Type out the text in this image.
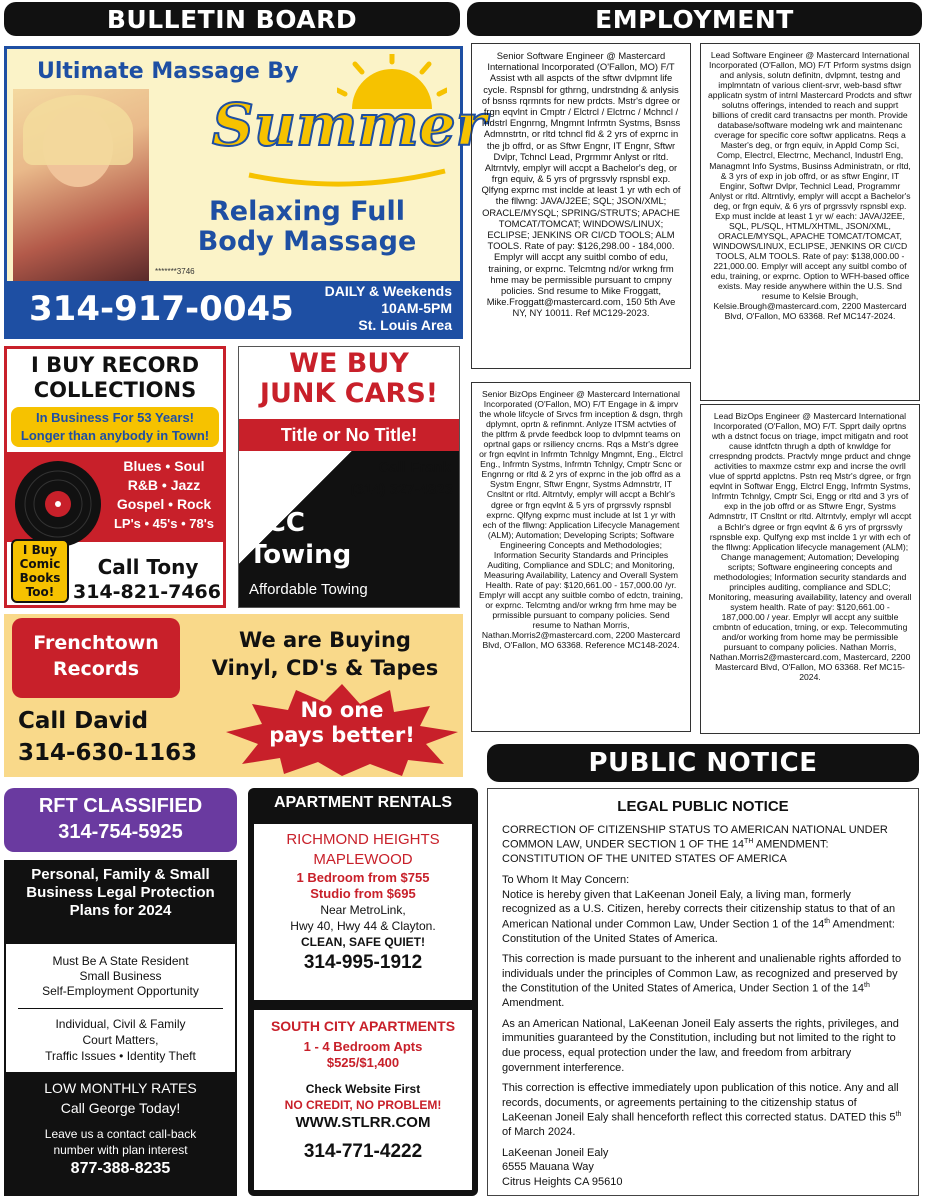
BULLETIN BOARD	EMPLOYMENT
PUBLIC NOTICE
Ultimate Massage By
Summer
Relaxing Full
Body Massage
*******3746
314-917-0045 DAILY & Weekends
10AM-5PM
St. Louis Area
I BUY RECORD
COLLECTIONS
In Business For 53 Years!
Longer than anybody in Town!
Blues • Soul
R&B • Jazz
Gospel • Rock
LP's • 45's • 78's
I Buy
Comic
Books
Too!
Call Tony
314-821-7466
WE BUY
JUNK CARS!
Title or No Title!
Call Frank
(314) 327-4823
FCC
Towing
Affordable Towing
Frenchtown
Records
We are Buying
Vinyl, CD's & Tapes
No one
pays better!
Call David
314-630-1163
RFT CLASSIFIED
314-754-5925
Personal, Family & Small Business Legal Protection Plans for 2024
Must Be A State Resident
Small Business
Self-Employment Opportunity
Individual, Civil & Family
Court Matters,
Traffic Issues • Identity Theft
LOW MONTHLY RATES
Call George Today!
Leave us a contact call-back
number with plan interest
877-388-8235
APARTMENT RENTALS
RICHMOND HEIGHTS
MAPLEWOOD
1 Bedroom from $755
Studio from $695
Near MetroLink,
Hwy 40, Hwy 44 & Clayton.
CLEAN, SAFE QUIET!
314-995-1912
SOUTH CITY APARTMENTS
1 - 4 Bedroom Apts
$525/$1,400
Check Website First
NO CREDIT, NO PROBLEM!
WWW.STLRR.COM
314-771-4222
Senior Software Engineer @ Mastercard International Incorporated (O'Fallon, MO) F/T Assist wth all aspcts of the sftwr dvlpmnt life cycle. Rspnsbl for gthrng, undrstndng & anlysis of bsnss rqrmnts for new prdcts. Mstr's dgree or frgn eqvlnt in Cmptr / Elctrcl / Elctrnc / Mchncl / Indstrl Engnrng, Mngmnt Infrmtn Systms, Bsnss Admnstrtn, or rltd tchncl fld & 2 yrs of exprnc in the jb offrd, or as Sftwr Engnr, IT Engnr, Sftwr Dvlpr, Tchncl Lead, Prgrmmr Anlyst or rltd. Altrntvly, emplyr will accpt a Bachelor's deg, or frgn equiv, & 5 yrs of prgrssvly rspnsbl exp. Qlfyng exprnc mst inclde at least 1 yr wth ech of the fllwng: JAVA/J2EE; SQL; JSON/XML; ORACLE/MYSQL; SPRING/STRUTS; APACHE TOMCAT/TOMCAT; WINDOWS/LINUX; ECLIPSE; JENKINS OR CI/CD TOOLS; ALM TOOLS. Rate of pay: $126,298.00 - 184,000. Emplyr will accpt any suitbl combo of edu, training, or exprnc. Telcmtng nd/or wrkng frm hme may be permissible pursuant to cmpny policies. Snd resume to Mike Froggatt, Mike.Froggatt@mastercard.com, 150 5th Ave NY, NY 10011. Ref MC129-2023.
Lead Software Engineer @ Mastercard International Incorporated (O'Fallon, MO) F/T Prform systms dsign and anlysis, solutn definitn, dvlpmnt, testng and implmntatn of various client-srvr, web-basd sftwr applicatn systm of intrnl Mastercard Prodcts and sftwr solutns offerings, intended to reach and supprt billions of credit card transactns per month. Provide database/software modelng wrk and maintenanc cverage for specific core softwr applicatns. Reqs a Master's deg, or frgn equiv, in Appld Comp Sci, Comp, Electrcl, Electrnc, Mechancl, Industrl Eng, Managmnt Info Systms, Businss Administratn, or rltd, & 3 yrs of exp in job offrd, or as sftwr Enginr, IT Enginr, Softwr Dvlpr, Technicl Lead, Programmr Anlyst or rltd. Altrntivly, emplyr will accpt a Bachelor's deg, or frgn equiv, & 6 yrs of prgrssvly rspnsbl exp. Exp must inclde at least 1 yr w/ each: JAVA/J2EE, SQL, PL/SQL, HTML/XHTML, JSON/XML, ORACLE/MYSQL, APACHE TOMCAT/TOMCAT, WINDOWS/LINUX, ECLIPSE, JENKINS OR CI/CD TOOLS, ALM TOOLS. Rate of pay: $138,000.00 - 221,000.00. Emplyr will accept any suitbl combo of edu, training, or exprnc. Option to WFH-based office exists. May reside anywhere within the U.S. Snd resume to Kelsie Brough, Kelsie.Brough@mastercard.com, 2200 Mastercard Blvd, O'Fallon, MO 63368. Ref MC147-2024.
Senior BizOps Engineer @ Mastercard International Incorporated (O'Fallon, MO) F/T Engage in & imprv the whole lifcycle of Srvcs frm inception & dsgn, thrgh dplymnt, oprtn & refinmnt. Anlyze ITSM actvties of the pltfrm & prvde feedbck loop to dvlpmnt teams on oprtnal gaps or rsiliency cncrns. Rqs a Mstr's dgree or frgn eqvlnt in Infrmtn Tchnlgy Mngmnt, Eng., Elctrcl Eng., Infrmtn Systms, Infrmtn Tchnlgy, Cmptr Scnc or Engnrng or rltd & 2 yrs of exprnc in the job offrd as a Systm Engnr, Sftwr Engnr, Systms Admnstrtr, IT Cnsltnt or rltd. Altrntvly, emplyr will accpt a Bchlr's dgree or frgn eqvlnt & 5 yrs of prgrssvly rspnsbl exprnc. Qlfyng exprnc must include at lst 1 yr with ech of the fllwng: Application Lifecycle Management (ALM); Automation; Developing Scripts; Software Engineering Concepts and Methodologies; Information Security Standards and Principles Auditing, Compliance and SDLC; and Monitoring, Measuring Availability, Latency and Overall System Health. Rate of pay: $120,661.00 - 157,000.00 /yr. Emplyr will accpt any suitble combo of edctn, training, or exprnc. Telcmtng and/or wrkng frm hme may be prmissible pursuant to company policies. Send resume to Nathan Morris, Nathan.Morris2@mastercard.com, 2200 Mastercard Blvd, O'Fallon, MO 63368. Reference MC148-2024.
Lead BizOps Engineer @ Mastercard International Incorporated (O'Fallon, MO) F/T. Spprt daily oprtns wth a dstnct focus on triage, impct mitigatn and root cause idntfctn thrugh a dpth of knwldge for crrespndng prodcts. Practvly mnge prduct and chnge activities to maxmze cstmr exp and incrse the ovrll vlue of spprtd applctns. Pstn req Mstr's dgree, or frgn eqvlnt in Softwar Engg, Elctrcl Engg, Infrmtn Systms, Infrmtn Tchnlgy, Cmptr Sci, Engg or rltd and 3 yrs of exp in the job offrd or as Sftwre Engr, Systms Admnstrtr, IT Cnsltnt or rltd. Altrntvly, emplyr wll accpt a Bchlr's dgree or frgn eqvlnt & 6 yrs of prgrssvly rspnsble exp. Qulfyng exp mst inclde 1 yr with ech of the fllwng: Application lifecycle management (ALM); Change management; Automation; Developing scripts; Software engineering concepts and methodologies; Information security standards and principles auditing, compliance and SDLC; Monitoring, measuring availability, latency and overall system health. Rate of pay: $120,661.00 - 187,000.00 / year. Emplyr wll accpt any suitble cmbntn of education, trning, or exp. Telecommuting and/or working from home may be permissible pursuant to company policies. Nathan Morris, Nathan.Morris2@mastercard.com, Mastercard, 2200 Mastercard Blvd, O'Fallon, MO 63368. Ref MC15-2024.
LEGAL PUBLIC NOTICE

CORRECTION OF CITIZENSHIP STATUS TO AMERICAN NATIONAL UNDER COMMON LAW, UNDER SECTION 1 OF THE 14TH AMENDMENT: CONSTITUTION OF THE UNITED STATES OF AMERICA

To Whom It May Concern:

Notice is hereby given that LaKeenan Joneil Ealy, a living man, formerly recognized as a U.S. Citizen, hereby corrects their citizenship status to that of an American National under Common Law, Under Section 1 of the 14th Amendment: Constitution of the United States of America.

This correction is made pursuant to the inherent and unalienable rights afforded to individuals under the principles of Common Law, as recognized and preserved by the Constitution of the United States of America, Under Section 1 of the 14th Amendment.

As an American National, LaKeenan Joneil Ealy asserts the rights, privileges, and immunities guaranteed by the Constitution, including but not limited to the right to due process, equal protection under the law, and freedom from arbitrary government interference.

This correction is effective immediately upon publication of this notice. Any and all records, documents, or agreements pertaining to the citizenship status of LaKeenan Joneil Ealy shall henceforth reflect this corrected status. DATED this 5th of March 2024.

LaKeenan Joneil Ealy
6555 Mauana Way
Citrus Heights CA 95610
